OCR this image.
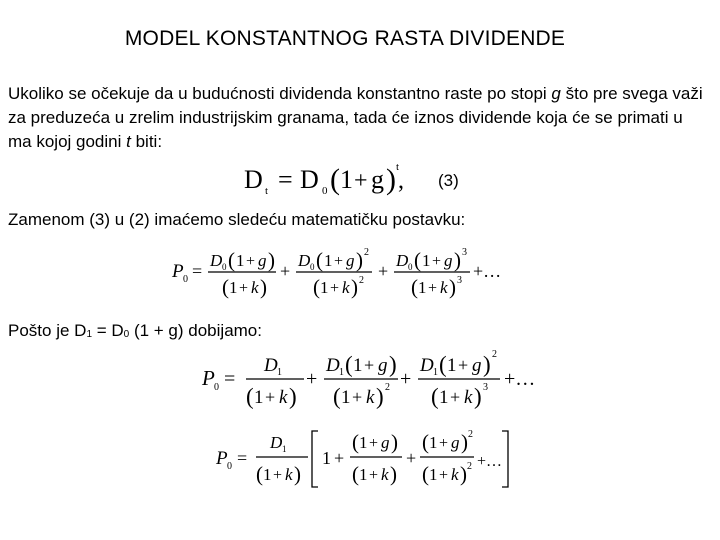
MODEL KONSTANTNOG RASTA DIVIDENDE
Ukoliko se očekuje da u budućnosti dividenda konstantno raste po stopi g što pre svega važi za preduzeća u zrelim industrijskim granama, tada će iznos dividende koja će se primati u ma kojoj godini t biti:
D t = D 0 ( 1 + g ) t
, (3)
Zamenom (3) u (2) imaćemo sledeću matematičku postavku:
P 0 =
D 0 ( 1 + g )
( 1 + k )
+
D 0 ( 1 + g ) 2
( 1 + k ) 2 +
D 0 ( 1 + g ) 3
( 1 + k ) 3 +…
Pošto je $D_1 = D_0$ (1 + g) dobijamo:
P 0 =
D 1
( 1 + k )
+
D 1 ( 1 + g )
( 1 + k ) 2 +
D 1 ( 1 + g ) 2
( 1 + k ) 3 +…
P 0 =
D 1
( 1 + k )
1 +
( 1 + g )
( 1 + k )
+
( 1 + g ) 2
( 1 + k ) 2 +…
